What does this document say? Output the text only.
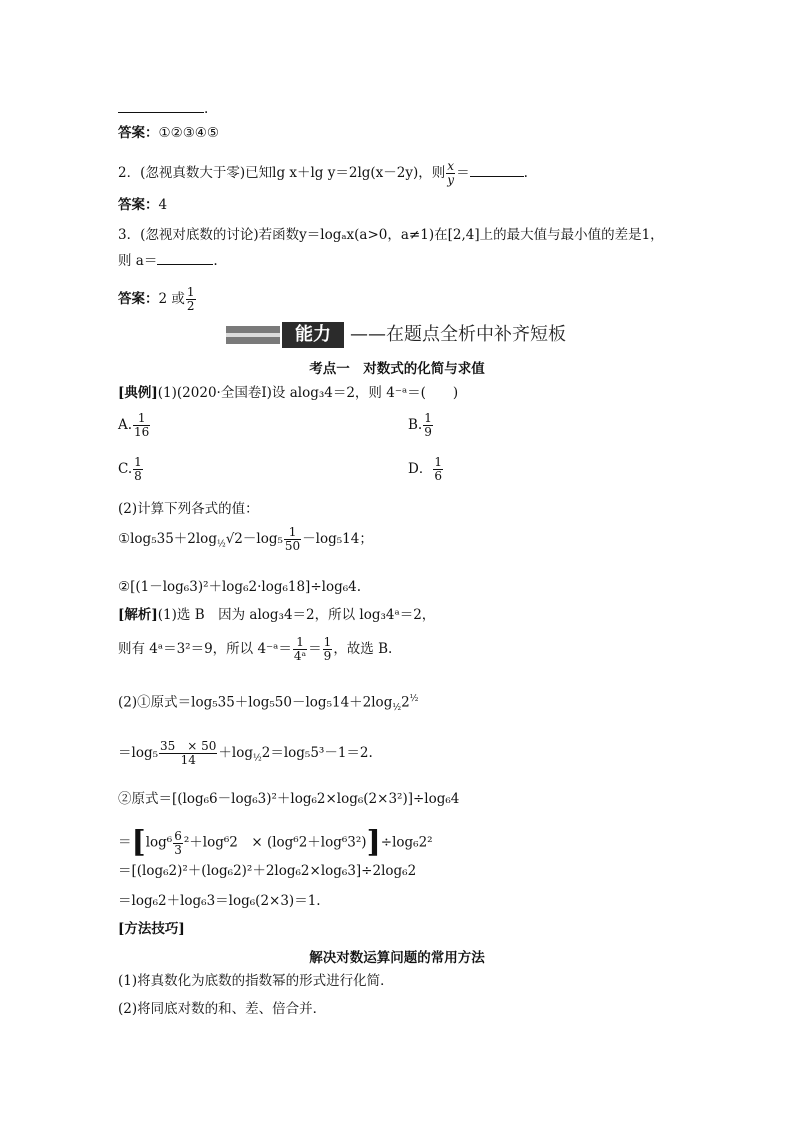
.
答案：①②③④⑤
2．(忽视真数大于零)已知lg x＋lg y＝2lg(x－2y)，则 $\frac{x}{y}$ ＝	.
答案：4
3．(忽视对底数的讨论)若函数y＝logₐx(a>0，a≠1)在[2,4]上的最大值与最小值的差是1，
则 a＝	.
答案：2 或 $\frac{1}{2}$
能力	——在题点全析中补齐短板
考点一　对数式的化简与求值
[典例](1)(2020·全国卷Ⅰ)设 alog₃4＝2，则 4⁻ᵃ＝(　　)
A. $\frac{1}{16}$	B. $\frac{1}{9}$
C. $\frac{1}{8}$	D． $\frac{1}{6}$
(2)计算下列各式的值：
$①\log_535+2\log_{\frac{1}{2}}√2-\log_5 \frac{1}{50} -\log_514$；
②[(1－log₆3)²＋log₆2·log₆18]÷log₆4.
[解析](1)选 B　因为 alog₃4＝2，所以 log₃4ᵃ＝2，
则有 4ᵃ＝3²＝9，所以 4⁻ᵃ＝ $\frac{1}{\text{4ᵃ}} = \frac{1}{9}$ ，故选 B.
(2)①原式$=\log_535+\log_550-\log_514+2\log_{\frac{1}{2}}2^{\frac{1}{2}}$
$=\log_5 \frac{35 \times 50}{14} +\log_{\frac{1}{2}}2=\log_55^3-1=2$.
②原式＝[(log₆6－log₆3)²＋log₆2×log₆(2×3²)]÷log₆4
$=[\log^6 \frac{6}{3} ^2+\log^62$　× (log⁶2＋log⁶3²)]÷log₆2²
＝[(log₆2)²＋(log₆2)²＋2log₆2×log₆3]÷2log₆2
＝log₆2＋log₆3＝log₆(2×3)＝1.
[方法技巧]
解决对数运算问题的常用方法
(1)将真数化为底数的指数幂的形式进行化简．
(2)将同底对数的和、差、倍合并．
